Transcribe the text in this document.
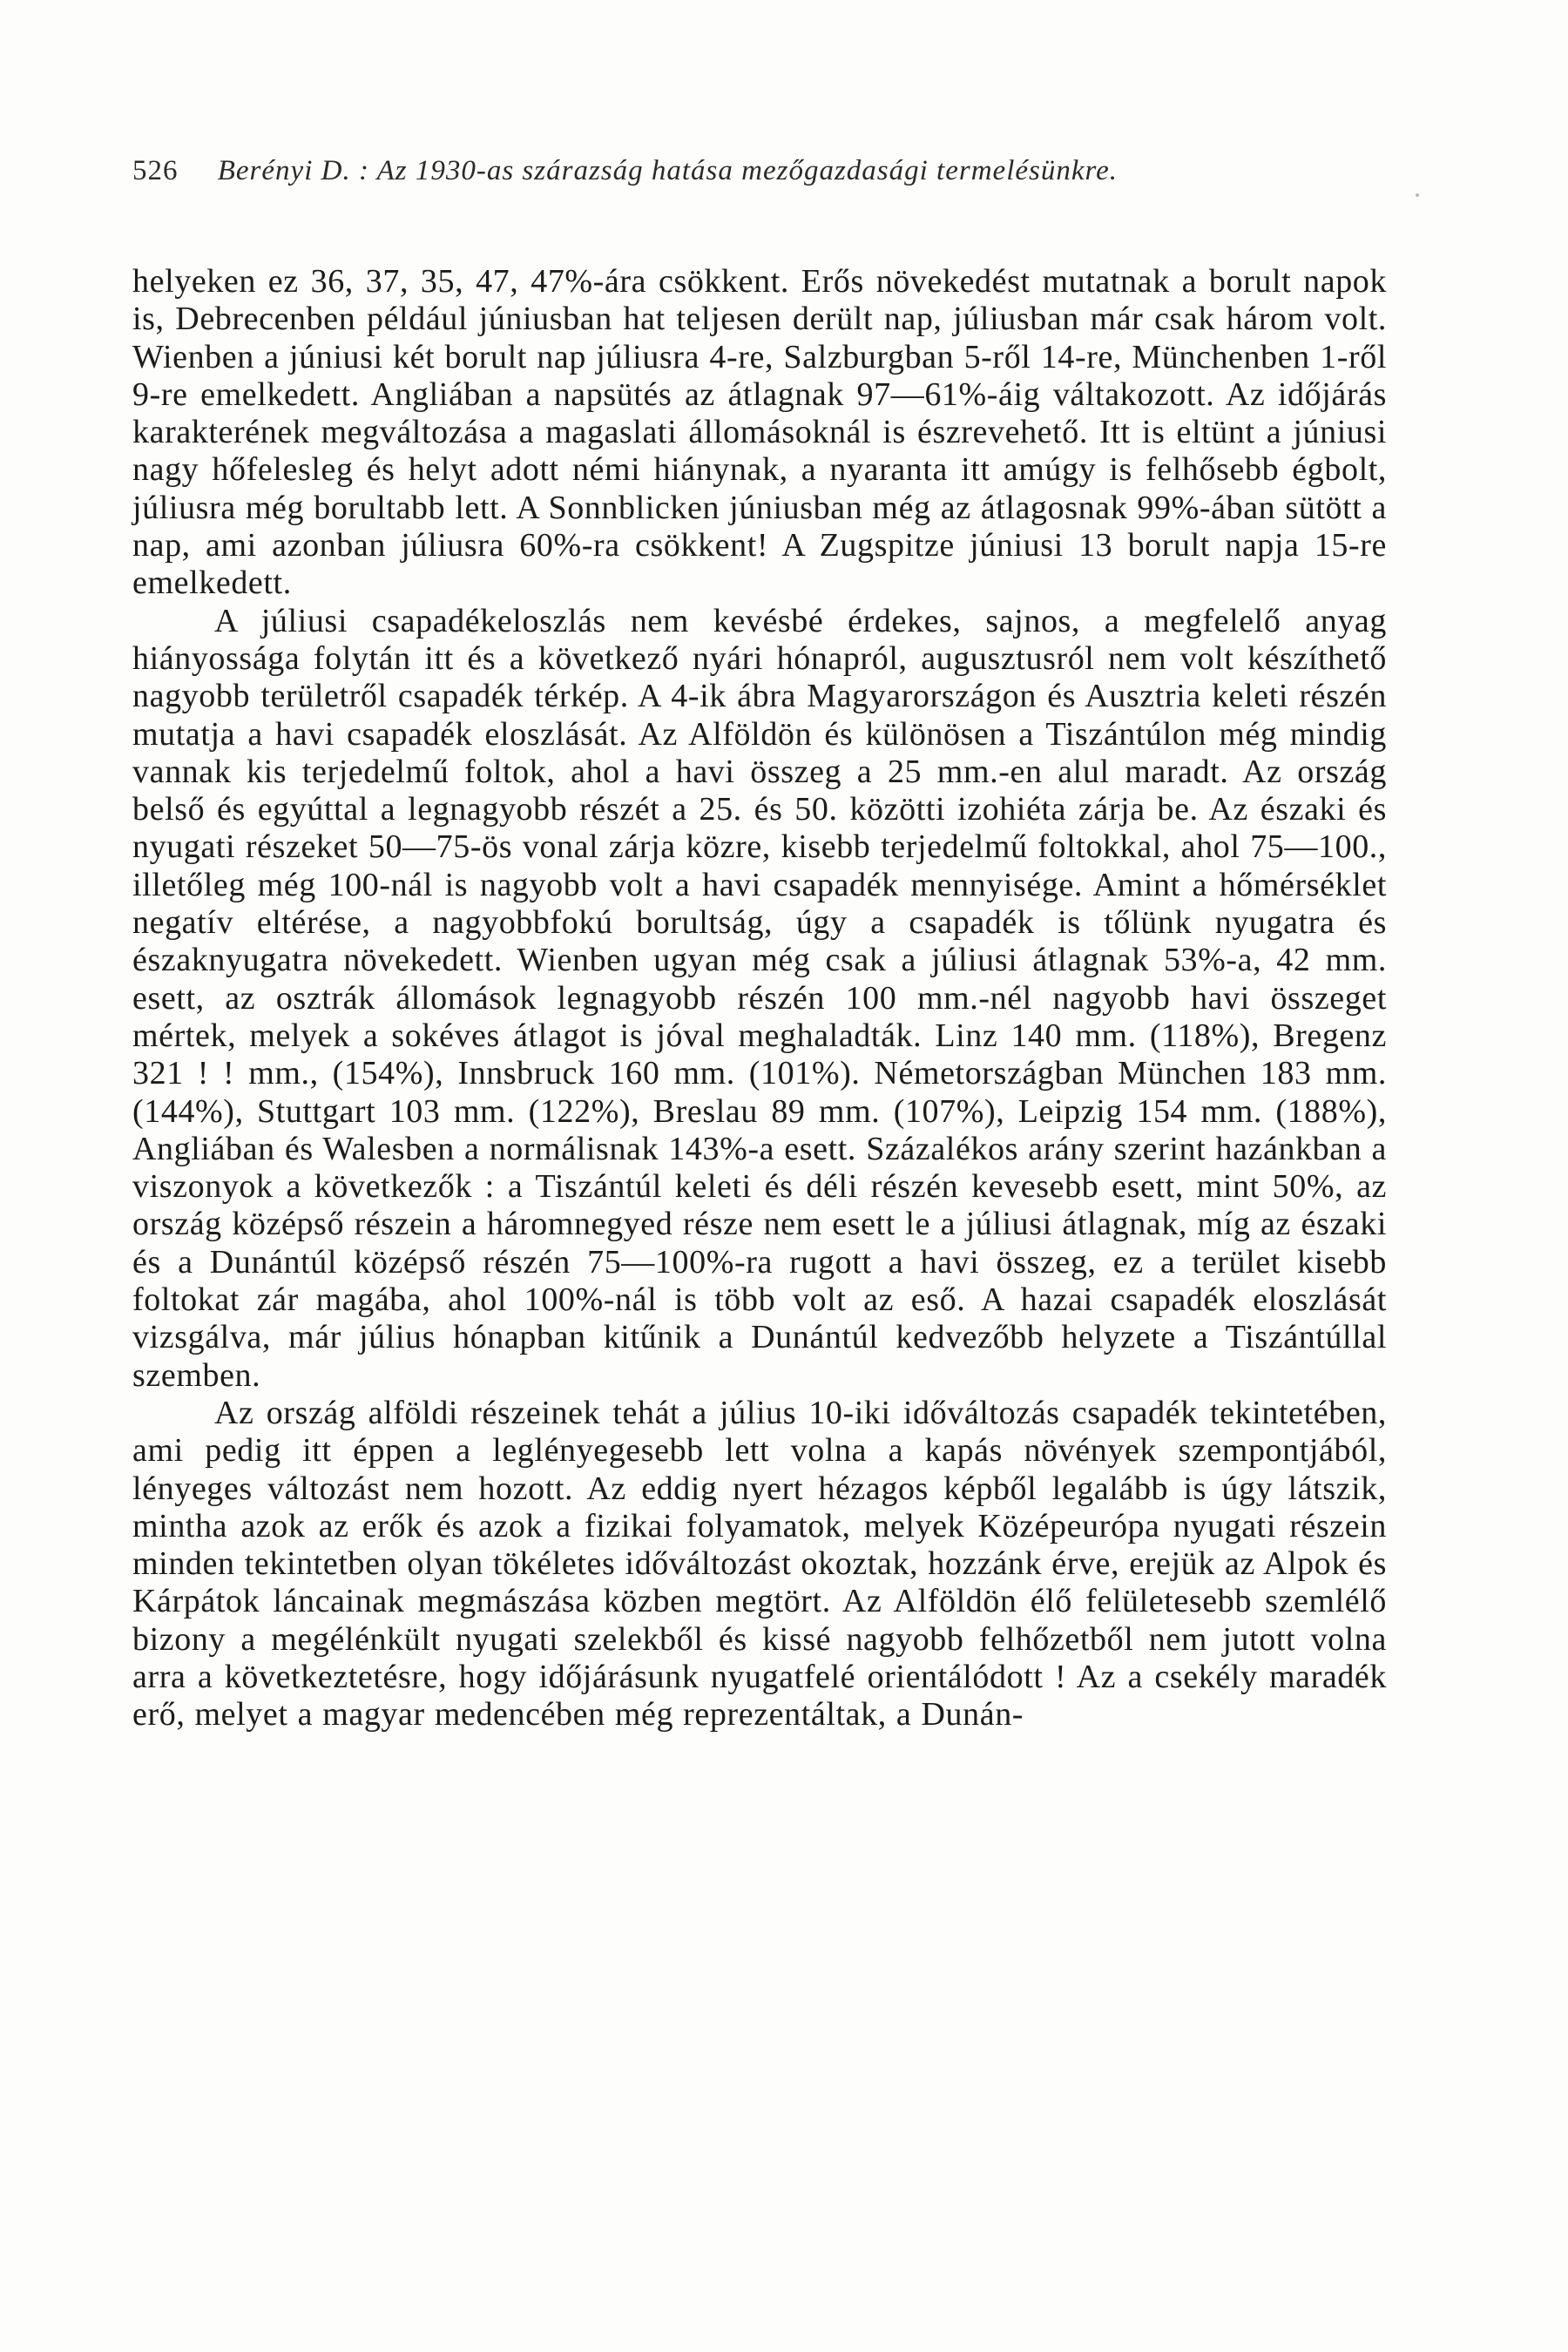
526 Berényi D. : Az 1930-as szárazság hatása mezőgazdasági termelésünkre.

helyeken ez 36, 37, 35, 47, 47%-ára csökkent. Erős növekedést mutatnak a borult napok is, Debrecenben például júniusban hat teljesen derült nap, júliusban már csak három volt. Wienben a júniusi két borult nap júliusra 4-re, Salzburgban 5-ről 14-re, Münchenben 1-ről 9-re emelkedett. Angliában a napsütés az átlagnak 97—61%-áig váltakozott. Az időjárás karakterének megváltozása a magaslati állomásoknál is észrevehető. Itt is eltünt a júniusi nagy hőfelesleg és helyt adott némi hiánynak, a nyaranta itt amúgy is felhősebb égbolt, júliusra még borultabb lett. A Sonnblicken júniusban még az átlagosnak 99%-ában sütött a nap, ami azonban júliusra 60%-ra csökkent! A Zugspitze júniusi 13 borult napja 15-re emelkedett.

A júliusi csapadékeloszlás nem kevésbé érdekes, sajnos, a megfelelő anyag hiányossága folytán itt és a következő nyári hónapról, augusztusról nem volt készíthető nagyobb területről csapadék térkép. A 4-ik ábra Magyarországon és Ausztria keleti részén mutatja a havi csapadék eloszlását. Az Alföldön és különösen a Tiszántúlon még mindig vannak kis terjedelmű foltok, ahol a havi összeg a 25 mm.-en alul maradt. Az ország belső és egyúttal a legnagyobb részét a 25. és 50. közötti izohiéta zárja be. Az északi és nyugati részeket 50—75-ös vonal zárja közre, kisebb terjedelmű foltokkal, ahol 75—100., illetőleg még 100-nál is nagyobb volt a havi csapadék mennyisége. Amint a hőmérséklet negatív eltérése, a nagyobbfokú borultság, úgy a csapadék is tőlünk nyugatra és északnyugatra növekedett. Wienben ugyan még csak a júliusi átlagnak 53%-a, 42 mm. esett, az osztrák állomások legnagyobb részén 100 mm.-nél nagyobb havi összeget mértek, melyek a sokéves átlagot is jóval meghaladták. Linz 140 mm. (118%), Bregenz 321 ! ! mm., (154%), Innsbruck 160 mm. (101%). Németországban München 183 mm. (144%), Stuttgart 103 mm. (122%), Breslau 89 mm. (107%), Leipzig 154 mm. (188%), Angliában és Walesben a normálisnak 143%-a esett. Százalékos arány szerint hazánkban a viszonyok a következők : a Tiszántúl keleti és déli részén kevesebb esett, mint 50%, az ország középső részein a háromnegyed része nem esett le a júliusi átlagnak, míg az északi és a Dunántúl középső részén 75—100%-ra rugott a havi összeg, ez a terület kisebb foltokat zár magába, ahol 100%-nál is több volt az eső. A hazai csapadék eloszlását vizsgálva, már július hónapban kitűnik a Dunántúl kedvezőbb helyzete a Tiszántúllal szemben.

Az ország alföldi részeinek tehát a július 10-iki időváltozás csapadék tekintetében, ami pedig itt éppen a leglényegesebb lett volna a kapás növények szempontjából, lényeges változást nem hozott. Az eddig nyert hézagos képből legalább is úgy látszik, mintha azok az erők és azok a fizikai folyamatok, melyek Középeurópa nyugati részein minden tekintetben olyan tökéletes időváltozást okoztak, hozzánk érve, erejük az Alpok és Kárpátok láncainak megmászása közben megtört. Az Alföldön élő felületesebb szemlélő bizony a megélénkült nyugati szelekből és kissé nagyobb felhőzetből nem jutott volna arra a következtetésre, hogy időjárásunk nyugatfelé orientálódott ! Az a csekély maradék erő, melyet a magyar medencében még reprezentáltak, a Dunán-
